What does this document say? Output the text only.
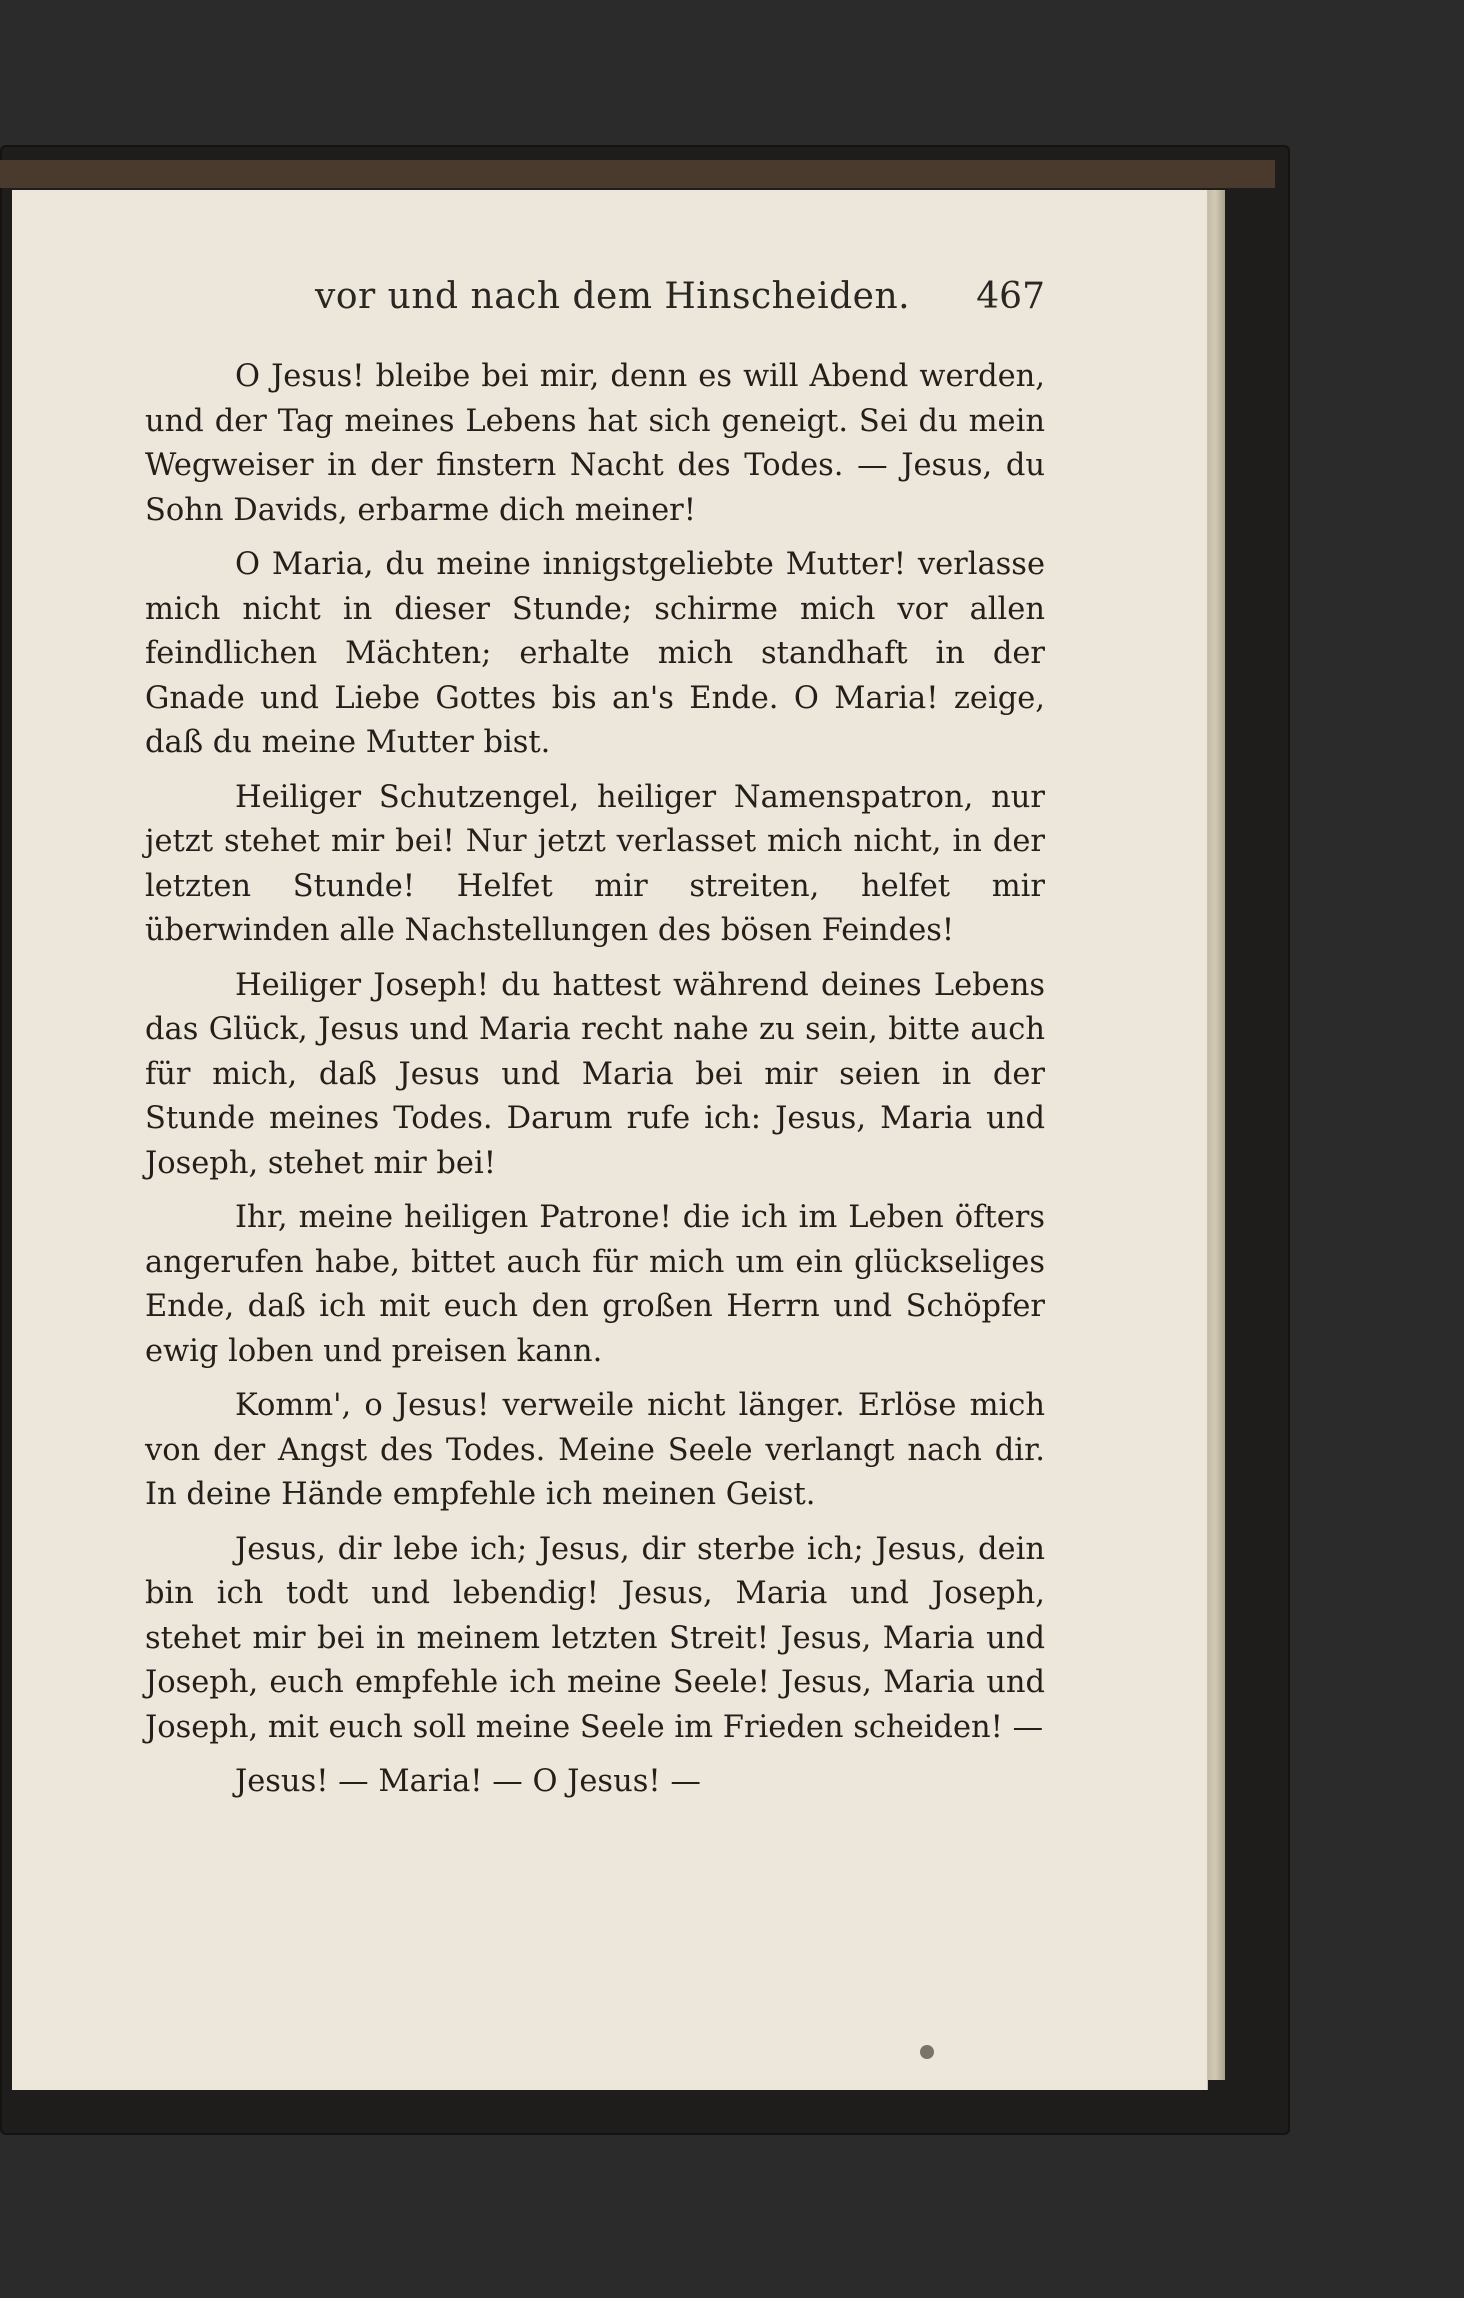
vor und nach dem Hinscheiden. 467

O Jesus! bleibe bei mir, denn es will Abend werden, und der Tag meines Lebens hat sich geneigt. Sei du mein Wegweiser in der finstern Nacht des Todes. — Jesus, du Sohn Davids, erbarme dich meiner!

O Maria, du meine innigstgeliebte Mutter! verlasse mich nicht in dieser Stunde; schirme mich vor allen feindlichen Mächten; erhalte mich standhaft in der Gnade und Liebe Gottes bis an's Ende. O Maria! zeige, daß du meine Mutter bist.

Heiliger Schutzengel, heiliger Namenspatron, nur jetzt stehet mir bei! Nur jetzt verlasset mich nicht, in der letzten Stunde! Helfet mir streiten, helfet mir überwinden alle Nachstellungen des bösen Feindes!

Heiliger Joseph! du hattest während deines Lebens das Glück, Jesus und Maria recht nahe zu sein, bitte auch für mich, daß Jesus und Maria bei mir seien in der Stunde meines Todes. Darum rufe ich: Jesus, Maria und Joseph, stehet mir bei!

Ihr, meine heiligen Patrone! die ich im Leben öfters angerufen habe, bittet auch für mich um ein glückseliges Ende, daß ich mit euch den großen Herrn und Schöpfer ewig loben und preisen kann.

Komm', o Jesus! verweile nicht länger. Erlöse mich von der Angst des Todes. Meine Seele verlangt nach dir. In deine Hände empfehle ich meinen Geist.

Jesus, dir lebe ich; Jesus, dir sterbe ich; Jesus, dein bin ich todt und lebendig! Jesus, Maria und Joseph, stehet mir bei in meinem letzten Streit! Jesus, Maria und Joseph, euch empfehle ich meine Seele! Jesus, Maria und Joseph, mit euch soll meine Seele im Frieden scheiden! —

Jesus! — Maria! — O Jesus! —
